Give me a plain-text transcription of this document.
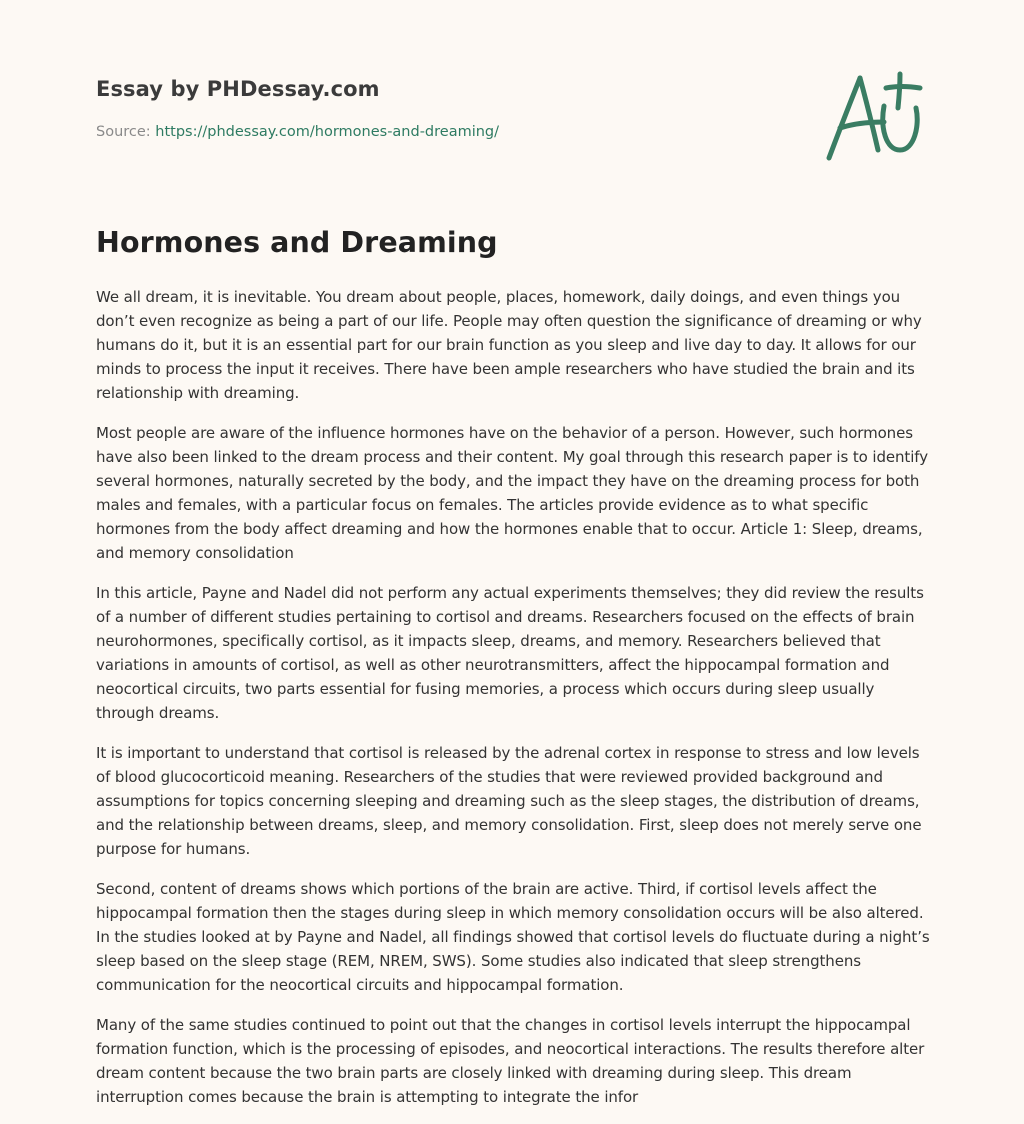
Essay by PHDessay.com

Source: https://phdessay.com/hormones-and-dreaming/

Hormones and Dreaming

We all dream, it is inevitable. You dream about people, places, homework, daily doings, and even things you don’t even recognize as being a part of our life. People may often question the significance of dreaming or why humans do it, but it is an essential part for our brain function as you sleep and live day to day. It allows for our minds to process the input it receives. There have been ample researchers who have studied the brain and its relationship with dreaming.

Most people are aware of the influence hormones have on the behavior of a person. However, such hormones have also been linked to the dream process and their content. My goal through this research paper is to identify several hormones, naturally secreted by the body, and the impact they have on the dreaming process for both males and females, with a particular focus on females. The articles provide evidence as to what specific hormones from the body affect dreaming and how the hormones enable that to occur. Article 1: Sleep, dreams, and memory consolidation

In this article, Payne and Nadel did not perform any actual experiments themselves; they did review the results of a number of different studies pertaining to cortisol and dreams. Researchers focused on the effects of brain neurohormones, specifically cortisol, as it impacts sleep, dreams, and memory. Researchers believed that variations in amounts of cortisol, as well as other neurotransmitters, affect the hippocampal formation and neocortical circuits, two parts essential for fusing memories, a process which occurs during sleep usually through dreams.

It is important to understand that cortisol is released by the adrenal cortex in response to stress and low levels of blood glucocorticoid meaning. Researchers of the studies that were reviewed provided background and assumptions for topics concerning sleeping and dreaming such as the sleep stages, the distribution of dreams, and the relationship between dreams, sleep, and memory consolidation. First, sleep does not merely serve one purpose for humans.

Second, content of dreams shows which portions of the brain are active. Third, if cortisol levels affect the hippocampal formation then the stages during sleep in which memory consolidation occurs will be also altered. In the studies looked at by Payne and Nadel, all findings showed that cortisol levels do fluctuate during a night’s sleep based on the sleep stage (REM, NREM, SWS). Some studies also indicated that sleep strengthens communication for the neocortical circuits and hippocampal formation.

Many of the same studies continued to point out that the changes in cortisol levels interrupt the hippocampal formation function, which is the processing of episodes, and neocortical interactions. The results therefore alter dream content because the two brain parts are closely linked with dreaming during sleep. This dream interruption comes because the brain is attempting to integrate the infor
